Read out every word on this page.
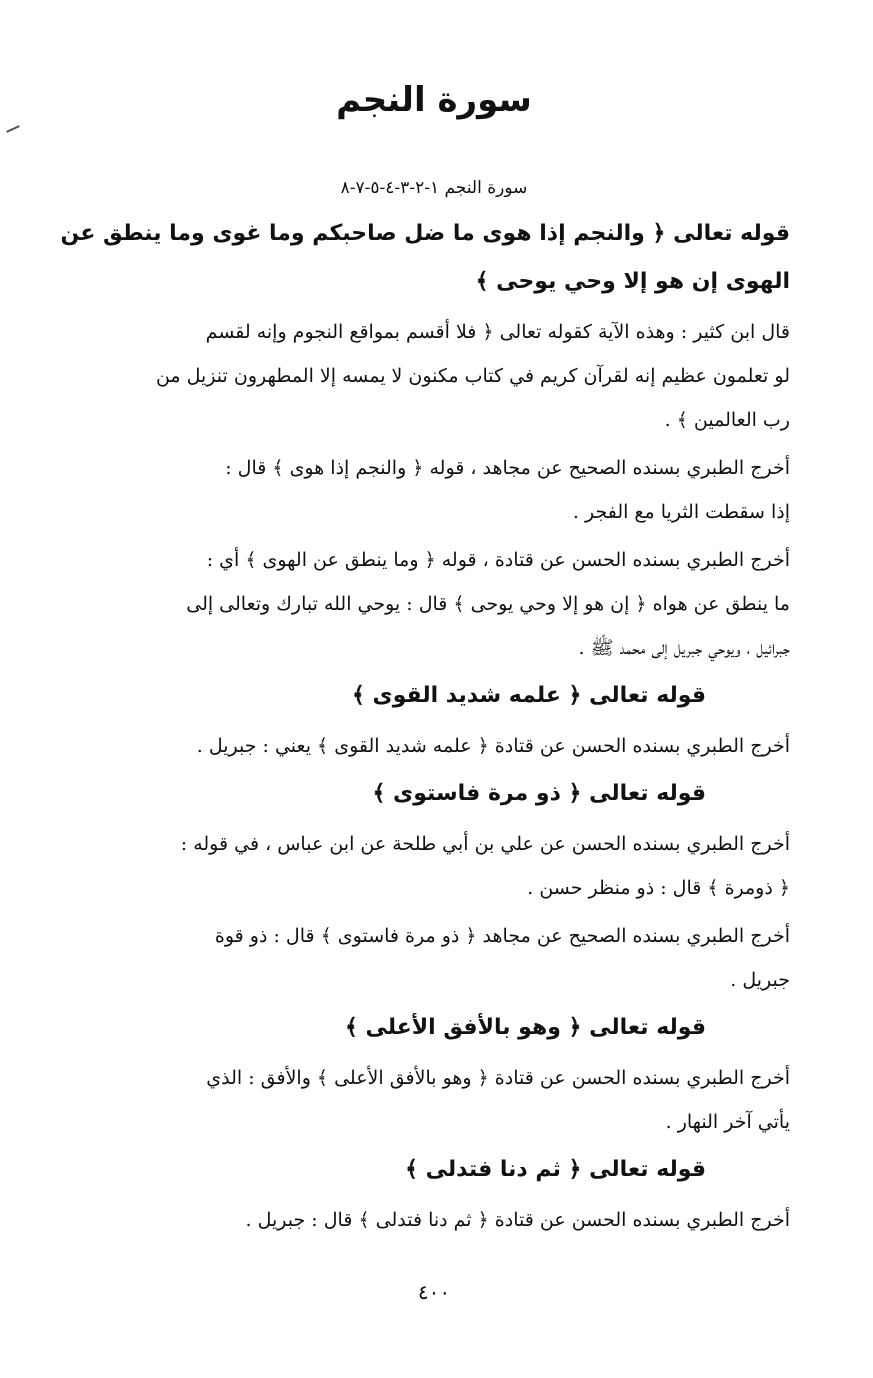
سورة النجم
سورة النجم ١-٢-٣-٤-٥-٧-٨
قوله تعالى ﴿ والنجم إذا هوى ما ضل صاحبكم وما غوى وما ينطق عن
الهوى إن هو إلا وحي يوحى ﴾
قال ابن كثير : وهذه الآية كقوله تعالى ﴿ فلا أقسم بمواقع النجوم وإنه لقسم
لو تعلمون عظيم إنه لقرآن كريم في كتاب مكنون لا يمسه إلا المطهرون تنزيل من
رب العالمين ﴾ .
أخرج الطبري بسنده الصحيح عن مجاهد ، قوله ﴿ والنجم إذا هوى ﴾ قال :
إذا سقطت الثريا مع الفجر .
أخرج الطبري بسنده الحسن عن قتادة ، قوله ﴿ وما ينطق عن الهوى ﴾ أي :
ما ينطق عن هواه ﴿ إن هو إلا وحي يوحى ﴾ قال : يوحي الله تبارك وتعالى إلى
جبرائيل ، ويوحي جبريل إلى محمد ﷺ .
قوله تعالى ﴿ علمه شديد القوى ﴾
أخرج الطبري بسنده الحسن عن قتادة ﴿ علمه شديد القوى ﴾ يعني : جبريل .
قوله تعالى ﴿ ذو مرة فاستوى ﴾
أخرج الطبري بسنده الحسن عن علي بن أبي طلحة عن ابن عباس ، في قوله :
﴿ ذومرة ﴾ قال : ذو منظر حسن .
أخرج الطبري بسنده الصحيح عن مجاهد ﴿ ذو مرة فاستوى ﴾ قال : ذو قوة
جبريل .
قوله تعالى ﴿ وهو بالأفق الأعلى ﴾
أخرج الطبري بسنده الحسن عن قتادة ﴿ وهو بالأفق الأعلى ﴾ والأفق : الذي
يأتي آخر النهار .
قوله تعالى ﴿ ثم دنا فتدلى ﴾
أخرج الطبري بسنده الحسن عن قتادة ﴿ ثم دنا فتدلى ﴾ قال : جبريل .
٤٠٠
